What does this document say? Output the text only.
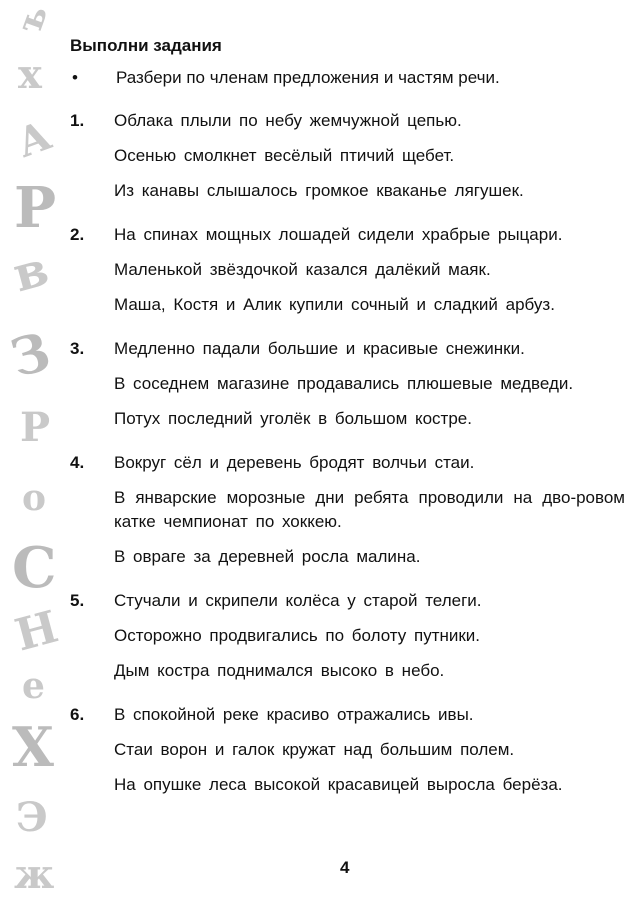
ъ
х
А
Р
в
З
Р
о
С
Н
е
Х
Э
ж
Выполни задания
•	Разбери по членам предложения и частям речи.
1.	Облака плыли по небу жемчужной цепью.
Осенью смолкнет весёлый птичий щебет.
Из канавы слышалось громкое кваканье лягушек.
2.	На спинах мощных лошадей сидели храбрые рыцари.
Маленькой звёздочкой казался далёкий маяк.
Маша, Костя и Алик купили сочный и сладкий арбуз.
3.	Медленно падали большие и красивые снежинки.
В соседнем магазине продавались плюшевые медведи.
Потух последний уголёк в большом костре.
4.	Вокруг сёл и деревень бродят волчьи стаи.
В январские морозные дни ребята проводили на дво-ровом катке чемпионат по хоккею.
В овраге за деревней росла малина.
5.	Стучали и скрипели колёса у старой телеги.
Осторожно продвигались по болоту путники.
Дым костра поднимался высоко в небо.
6.	В спокойной реке красиво отражались ивы.
Стаи ворон и галок кружат над большим полем.
На опушке леса высокой красавицей выросла берёза.
4
